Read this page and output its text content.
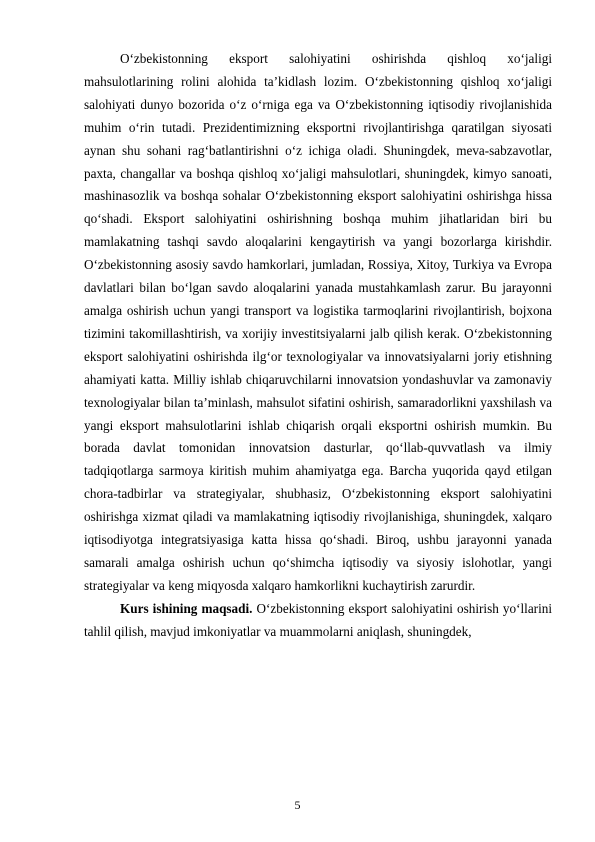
O‘zbekistonning eksport salohiyatini oshirishda qishloq xo‘jaligi mahsulotlarining rolini alohida ta’kidlash lozim. O‘zbekistonning qishloq xo‘jaligi salohiyati dunyo bozorida o‘z o‘rniga ega va O‘zbekistonning iqtisodiy rivojlanishida muhim o‘rin tutadi. Prezidentimizning eksportni rivojlantirishga qaratilgan siyosati aynan shu sohani rag‘batlantirishni o‘z ichiga oladi. Shuningdek, meva-sabzavotlar, paxta, changallar va boshqa qishloq xo‘jaligi mahsulotlari, shuningdek, kimyo sanoati, mashinasozlik va boshqa sohalar O‘zbekistonning eksport salohiyatini oshirishga hissa qo‘shadi. Eksport salohiyatini oshirishning boshqa muhim jihatlaridan biri bu mamlakatning tashqi savdo aloqalarini kengaytirish va yangi bozorlarga kirishdir. O‘zbekistonning asosiy savdo hamkorlari, jumladan, Rossiya, Xitoy, Turkiya va Evropa davlatlari bilan bo‘lgan savdo aloqalarini yanada mustahkamlash zarur. Bu jarayonni amalga oshirish uchun yangi transport va logistika tarmoqlarini rivojlantirish, bojxona tizimini takomillashtirish, va xorijiy investitsiyalarni jalb qilish kerak. O‘zbekistonning eksport salohiyatini oshirishda ilg‘or texnologiyalar va innovatsiyalarni joriy etishning ahamiyati katta. Milliy ishlab chiqaruvchilarni innovatsion yondashuvlar va zamonaviy texnologiyalar bilan ta’minlash, mahsulot sifatini oshirish, samaradorlikni yaxshilash va yangi eksport mahsulotlarini ishlab chiqarish orqali eksportni oshirish mumkin. Bu borada davlat tomonidan innovatsion dasturlar, qo‘llab-quvvatlash va ilmiy tadqiqotlarga sarmoya kiritish muhim ahamiyatga ega. Barcha yuqorida qayd etilgan chora-tadbirlar va strategiyalar, shubhasiz, O‘zbekistonning eksport salohiyatini oshirishga xizmat qiladi va mamlakatning iqtisodiy rivojlanishiga, shuningdek, xalqaro iqtisodiyotga integratsiyasiga katta hissa qo‘shadi. Biroq, ushbu jarayonni yanada samarali amalga oshirish uchun qo‘shimcha iqtisodiy va siyosiy islohotlar, yangi strategiyalar va keng miqyosda xalqaro hamkorlikni kuchaytirish zarurdir.

Kurs ishining maqsadi. O‘zbekistonning eksport salohiyatini oshirish yo‘llarini tahlil qilish, mavjud imkoniyatlar va muammolarni aniqlash, shuningdek,

5
